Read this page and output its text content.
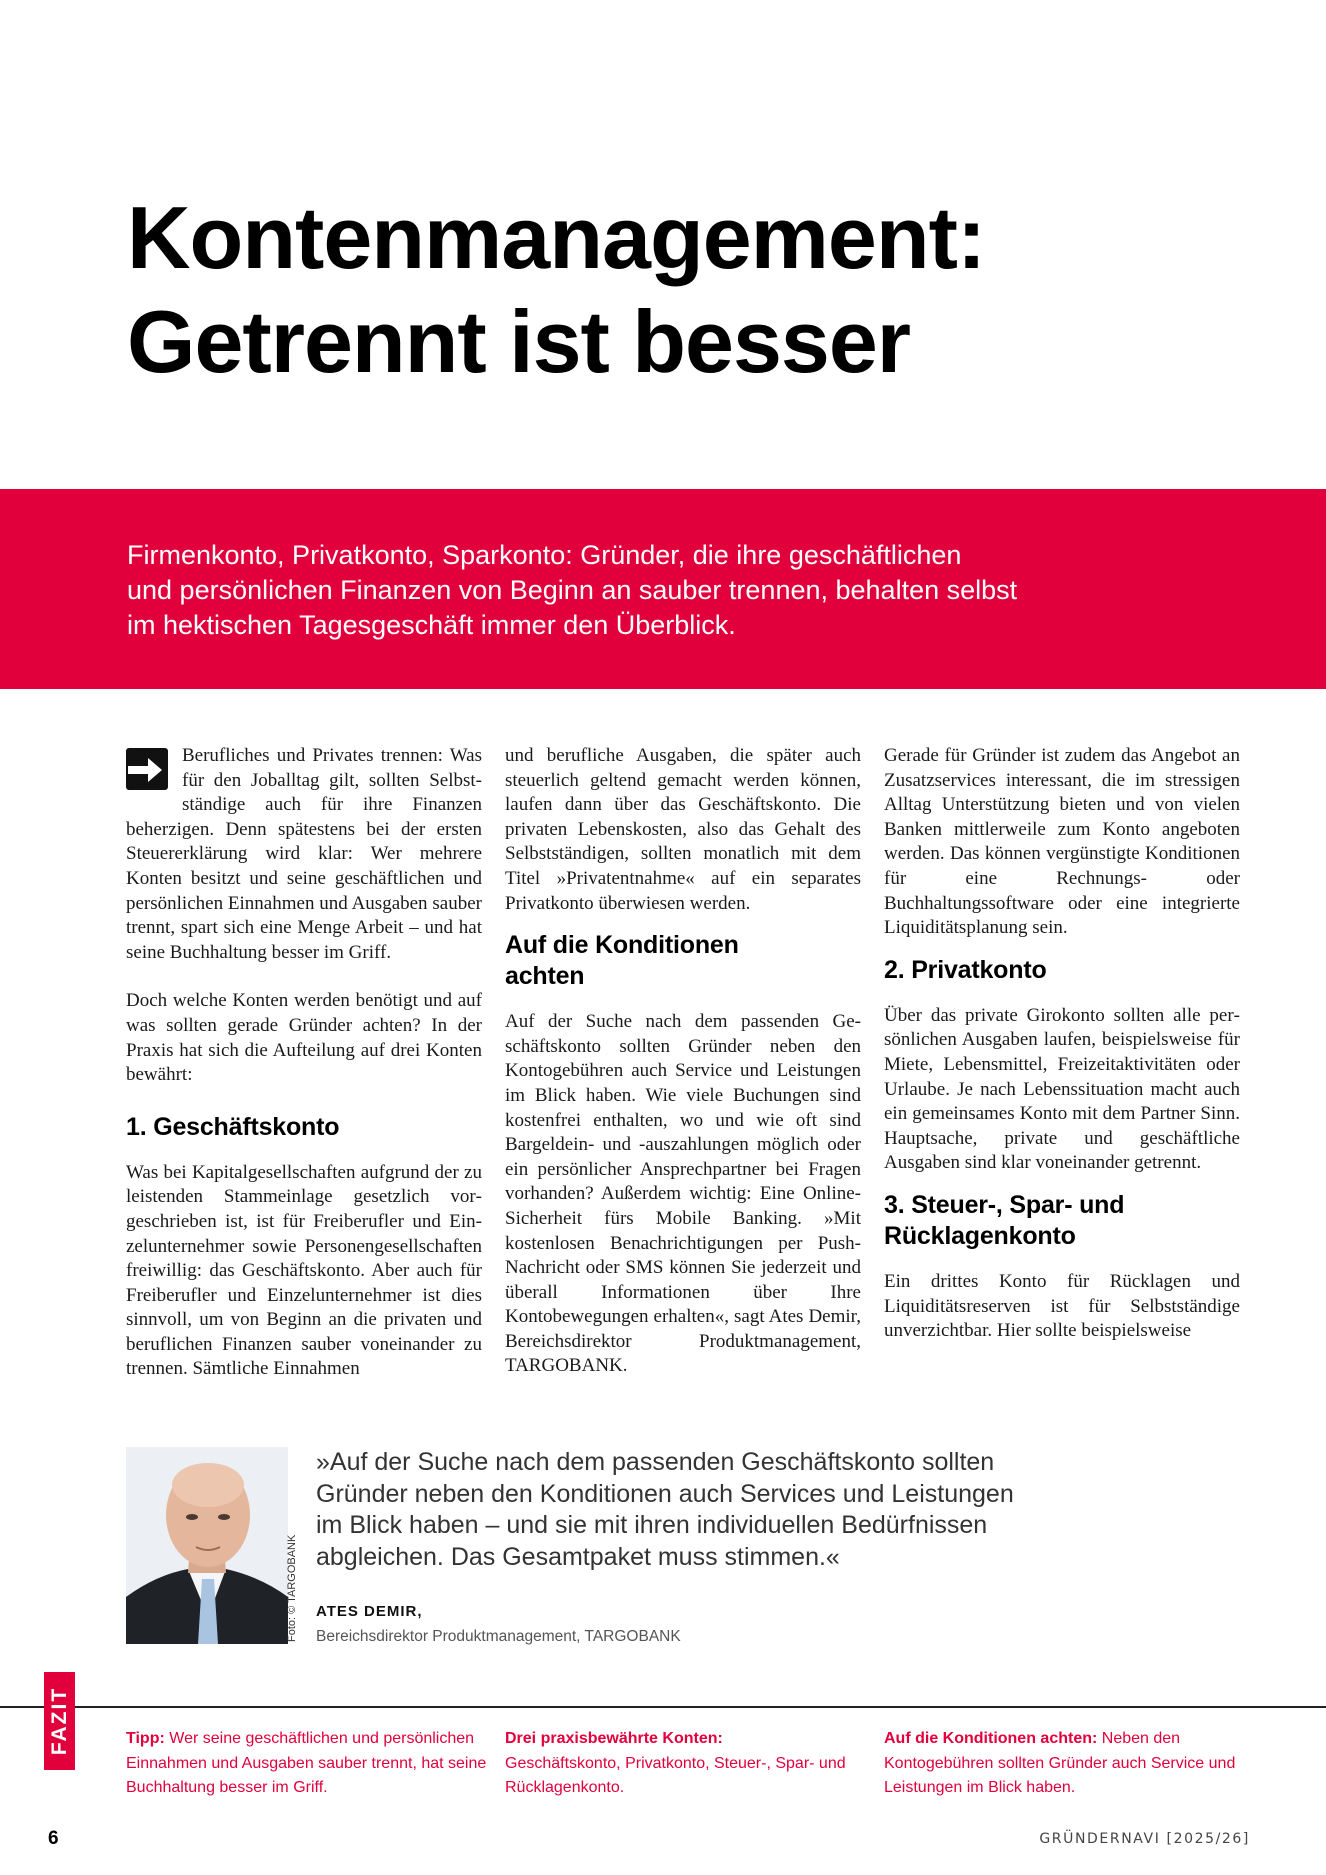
Kontenmanagement:
Getrennt ist besser

Firmenkonto, Privatkonto, Sparkonto: Gründer, die ihre geschäftlichen
und persönlichen Finanzen von Beginn an sauber trennen, behalten selbst
im hektischen Tagesgeschäft immer den Überblick.

Berufliches und Privates trennen: Was für den Joballtag gilt, sollten Selbstständige auch für ihre Finanzen beherzigen. Denn spätestens bei der ersten Steuererklärung wird klar: Wer mehrere Konten besitzt und seine geschäftlichen und persönlichen Einnahmen und Ausgaben sauber trennt, spart sich eine Menge Arbeit – und hat seine Buchhaltung besser im Griff.

Doch welche Konten werden benötigt und auf was sollten gerade Gründer achten? In der Praxis hat sich die Aufteilung auf drei Konten bewährt:

1. Geschäftskonto

Was bei Kapitalgesellschaften aufgrund der zu leistenden Stammeinlage gesetzlich vorgeschrieben ist, ist für Freiberufler und Einzelunternehmer sowie Personengesellschaften freiwillig: das Geschäftskonto. Aber auch für Freiberufler und Einzelunternehmer ist dies sinnvoll, um von Beginn an die privaten und beruflichen Finanzen sauber voneinander zu trennen. Sämtliche Einnahmen

und berufliche Ausgaben, die später auch steuerlich geltend gemacht werden können, laufen dann über das Geschäftskonto. Die privaten Lebenskosten, also das Gehalt des Selbstständigen, sollten monatlich mit dem Titel »Privatentnahme« auf ein separates Privatkonto überwiesen werden.

Auf die Konditionen achten

Auf der Suche nach dem passenden Geschäftskonto sollten Gründer neben den Kontogebühren auch Service und Leistungen im Blick haben. Wie viele Buchungen sind kostenfrei enthalten, wo und wie oft sind Bargeldein- und -auszahlungen möglich oder ein persönlicher Ansprechpartner bei Fragen vorhanden? Außerdem wichtig: Eine Online-Sicherheit fürs Mobile Banking. »Mit kostenlosen Benachrichtigungen per Push-Nachricht oder SMS können Sie jederzeit und überall Informationen über Ihre Kontobewegungen erhalten«, sagt Ates Demir, Bereichsdirektor Produktmanagement, TARGOBANK.

Gerade für Gründer ist zudem das Angebot an Zusatzservices interessant, die im stressigen Alltag Unterstützung bieten und von vielen Banken mittlerweile zum Konto angeboten werden. Das können vergünstigte Konditionen für eine Rechnungs- oder Buchhaltungssoftware oder eine integrierte Liquiditätsplanung sein.

2. Privatkonto

Über das private Girokonto sollten alle persönlichen Ausgaben laufen, beispielsweise für Miete, Lebensmittel, Freizeitaktivitäten oder Urlaube. Je nach Lebenssituation macht auch ein gemeinsames Konto mit dem Partner Sinn. Hauptsache, private und geschäftliche Ausgaben sind klar voneinander getrennt.

3. Steuer-, Spar- und Rücklagenkonto

Ein drittes Konto für Rücklagen und Liquiditätsreserven ist für Selbstständige unverzichtbar. Hier sollte beispielsweise

Foto: © TARGOBANK

»Auf der Suche nach dem passenden Geschäftskonto sollten
Gründer neben den Konditionen auch Services und Leistungen
im Blick haben – und sie mit ihren individuellen Bedürfnissen
abgleichen. Das Gesamtpaket muss stimmen.«

ATES DEMIR,
Bereichsdirektor Produktmanagement, TARGOBANK
FAZIT	Tipp: Wer seine geschäftlichen und persönlichen Einnahmen und Ausgaben sauber trennt, hat seine Buchhaltung besser im Griff.
Drei praxisbewährte Konten:
Geschäftskonto, Privatkonto, Steuer-, Spar- und Rücklagenkonto.
Auf die Konditionen achten: Neben den Kontogebühren sollten Gründer auch Service und Leistungen im Blick haben.
6	GRÜNDERNAVI [2025/26]
